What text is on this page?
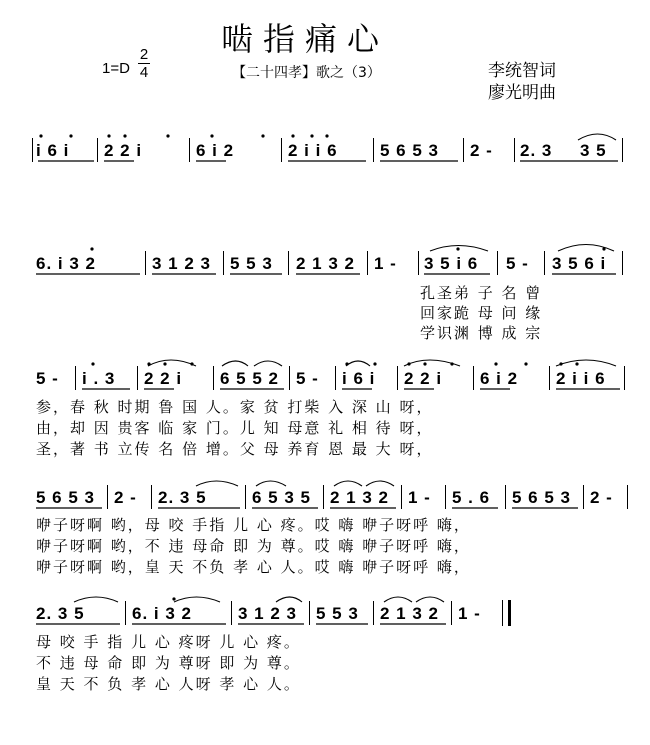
啮指痛心
1=D
2
4	【二十四孝】歌之（3）	李统智词
廖光明曲
i 6 i 2 2 i	6 i 2	2 i i 6 5 6 5 3 2 - 2. 3 3 5
6. i 3 2	3 1 2 3 5 5 3 2 1 3 2 1 - 3 5 i 6 5 - 3 5 6 i
孔圣弟 子 名 曾
回家跪 母 问 缘
学识渊 博 成 宗
5 - i . 3 2 2 i 6 5 5 2 5 - i 6 i 2 2 i 6 i 2 2 i i 6
参，春 秋 时期 鲁 国 人。家 贫 打柴 入 深 山 呀，
由，却 因 贵客 临 家 门。儿 知 母意 礼 相 待 呀，
圣，著 书 立传 名 倍 增。父 母 养育 恩 最 大 呀，
5 6 5 3 2 - 2. 3 5	6 5 3 5 2 1 3 2 1 - 5 . 6 5 6 5 3 2 -
咿子呀啊 哟，母 咬 手指 儿 心 疼。哎 嗨 咿子呀呼 嗨，
咿子呀啊 哟，不 违 母命 即 为 尊。哎 嗨 咿子呀呼 嗨，
咿子呀啊 哟，皇 天 不负 孝 心 人。哎 嗨 咿子呀呼 嗨，
2. 3 5	6. i 3 2	3 1 2 3 5 5 3 2 1 3 2 1 -
母 咬 手 指 儿 心 疼呀 儿 心 疼。
不 违 母 命 即 为 尊呀 即 为 尊。
皇 天 不 负 孝 心 人呀 孝 心 人。
